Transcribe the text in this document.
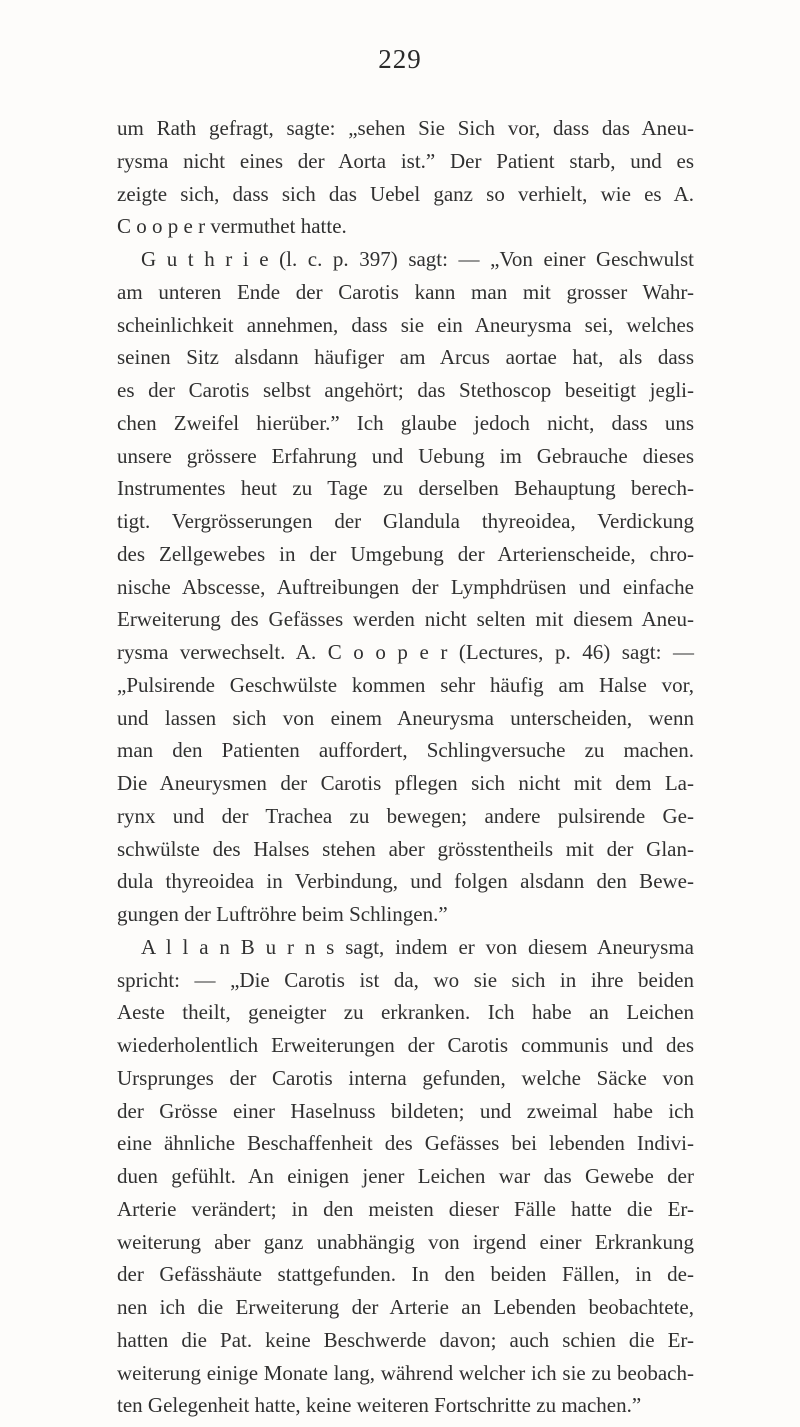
229
um Rath gefragt, sagte: „sehen Sie Sich vor, dass das Aneu-
rysma nicht eines der Aorta ist.” Der Patient starb, und es
zeigte sich, dass sich das Uebel ganz so verhielt, wie es A.
C o o p e r vermuthet hatte.
G u t h r i e (l. c. p. 397) sagt: — „Von einer Geschwulst
am unteren Ende der Carotis kann man mit grosser Wahr-
scheinlichkeit annehmen, dass sie ein Aneurysma sei, welches
seinen Sitz alsdann häufiger am Arcus aortae hat, als dass
es der Carotis selbst angehört; das Stethoscop beseitigt jegli-
chen Zweifel hierüber.” Ich glaube jedoch nicht, dass uns
unsere grössere Erfahrung und Uebung im Gebrauche dieses
Instrumentes heut zu Tage zu derselben Behauptung berech-
tigt. Vergrösserungen der Glandula thyreoidea, Verdickung
des Zellgewebes in der Umgebung der Arterienscheide, chro-
nische Abscesse, Auftreibungen der Lymphdrüsen und einfache
Erweiterung des Gefässes werden nicht selten mit diesem Aneu-
rysma verwechselt. A. C o o p e r (Lectures, p. 46) sagt: —
„Pulsirende Geschwülste kommen sehr häufig am Halse vor,
und lassen sich von einem Aneurysma unterscheiden, wenn
man den Patienten auffordert, Schlingversuche zu machen.
Die Aneurysmen der Carotis pflegen sich nicht mit dem La-
rynx und der Trachea zu bewegen; andere pulsirende Ge-
schwülste des Halses stehen aber grösstentheils mit der Glan-
dula thyreoidea in Verbindung, und folgen alsdann den Bewe-
gungen der Luftröhre beim Schlingen.”
A l l a n B u r n s sagt, indem er von diesem Aneurysma
spricht: — „Die Carotis ist da, wo sie sich in ihre beiden
Aeste theilt, geneigter zu erkranken. Ich habe an Leichen
wiederholentlich Erweiterungen der Carotis communis und des
Ursprunges der Carotis interna gefunden, welche Säcke von
der Grösse einer Haselnuss bildeten; und zweimal habe ich
eine ähnliche Beschaffenheit des Gefässes bei lebenden Indivi-
duen gefühlt. An einigen jener Leichen war das Gewebe der
Arterie verändert; in den meisten dieser Fälle hatte die Er-
weiterung aber ganz unabhängig von irgend einer Erkrankung
der Gefässhäute stattgefunden. In den beiden Fällen, in de-
nen ich die Erweiterung der Arterie an Lebenden beobachtete,
hatten die Pat. keine Beschwerde davon; auch schien die Er-
weiterung einige Monate lang, während welcher ich sie zu beobach-
ten Gelegenheit hatte, keine weiteren Fortschritte zu machen.”
